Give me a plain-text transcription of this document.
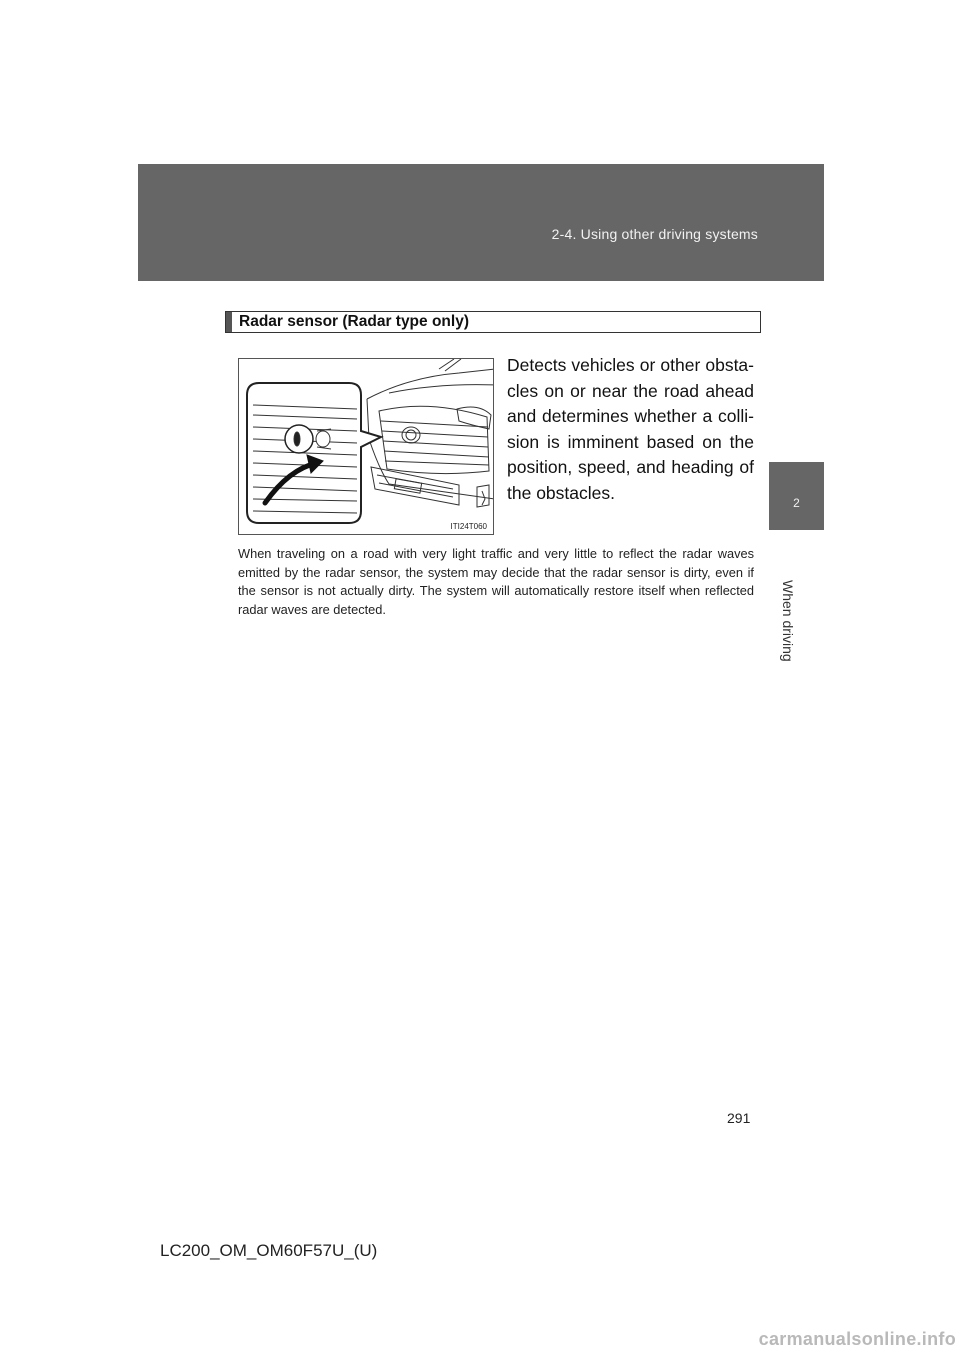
2-4. Using other driving systems
2
When driving
Radar sensor (Radar type only)
ITI24T060
Detects vehicles or other obsta-cles on or near the road ahead and determines whether a colli-sion is imminent based on the position, speed, and heading of the obstacles.
When traveling on a road with very light traffic and very little to reflect the radar waves emitted by the radar sensor, the system may decide that the radar sensor is dirty, even if the sensor is not actually dirty. The system will automatically restore itself when reflected radar waves are detected.
291
LC200_OM_OM60F57U_(U)
carmanualsonline.info
